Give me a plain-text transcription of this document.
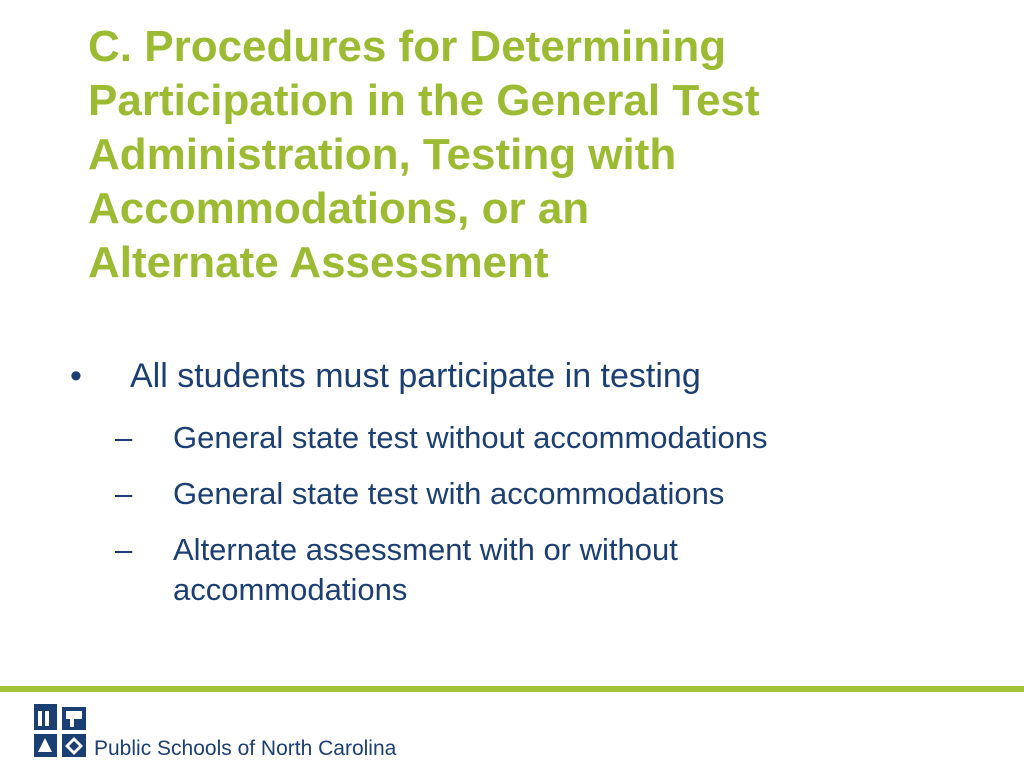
C. Procedures for Determining
Participation in the General Test
Administration, Testing with
Accommodations, or an
Alternate Assessment
• All students must participate in testing
– General state test without accommodations
– General state test with accommodations
– Alternate assessment with or without
accommodations
Public Schools of North Carolina
